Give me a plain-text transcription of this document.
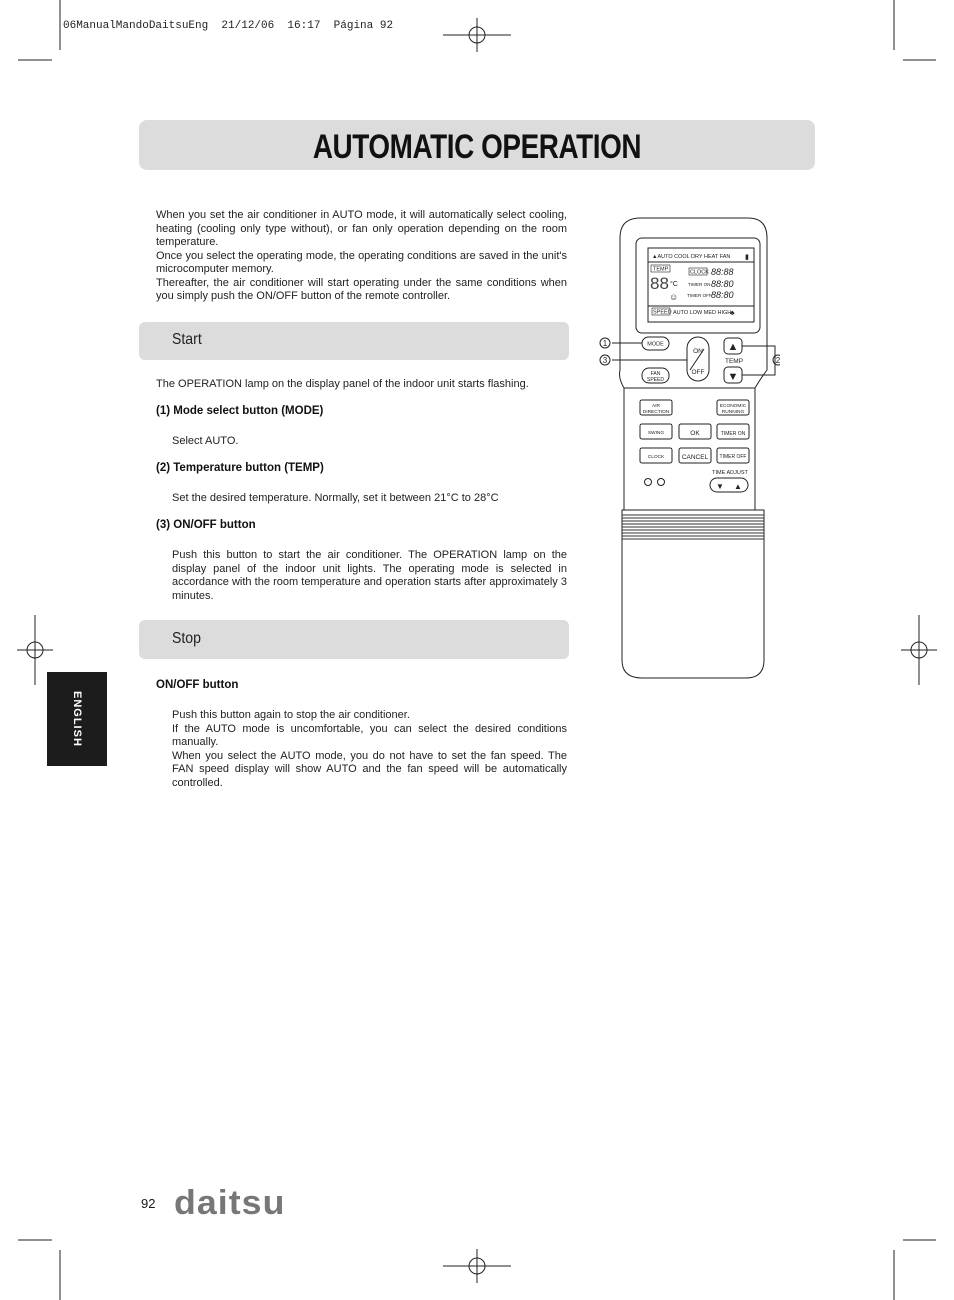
06ManualMandoDaitsuEng  21/12/06  16:17  Página 92
AUTOMATIC OPERATION
When you set the air conditioner in AUTO mode, it will automatically select cooling, heating (cooling only type without), or fan only operation depending on the room temperature.
Once you select the operating mode, the operating conditions are saved in the unit's microcomputer memory.
Thereafter, the air conditioner will start operating under the same conditions when you simply push the ON/OFF button of the remote controller.
Start
The OPERATION lamp on the display panel of the indoor unit starts flashing.
(1) Mode select button (MODE)
Select AUTO.
(2) Temperature button (TEMP)
Set the desired temperature. Normally, set it between 21°C to 28°C
(3) ON/OFF button
Push this button to start the air conditioner. The OPERATION lamp on the display panel of the indoor unit lights. The operating mode is selected in accordance with the room temperature and operation starts after approximately 3 minutes.
Stop
ON/OFF button
Push this button again to stop the air conditioner.
If the AUTO mode is uncomfortable, you can select the desired conditions manually.
When you select the AUTO mode, you do not have to set the fan speed. The FAN speed display will show AUTO and the fan speed will be automatically controlled.
ENGLISH
92 daitsu
▲AUTO COOL DRY HEAT FAN ▮
TEMP
88 °C
☺
CLOCK 88:88
TIMER ON 88:80
TIMER OFF 88:80
SPEED AUTO LOW MED HIGH
♣
MODE
ON
OFF
▲
▼
TEMP
FAN
SPEED
AIR
DIRECTION
ECONOMIC
RUNNING
SWING	OK	TIMER ON
CLOCK	CANCEL TIMER OFF
TIME ADJUST
▼ ▲
1
3	2
